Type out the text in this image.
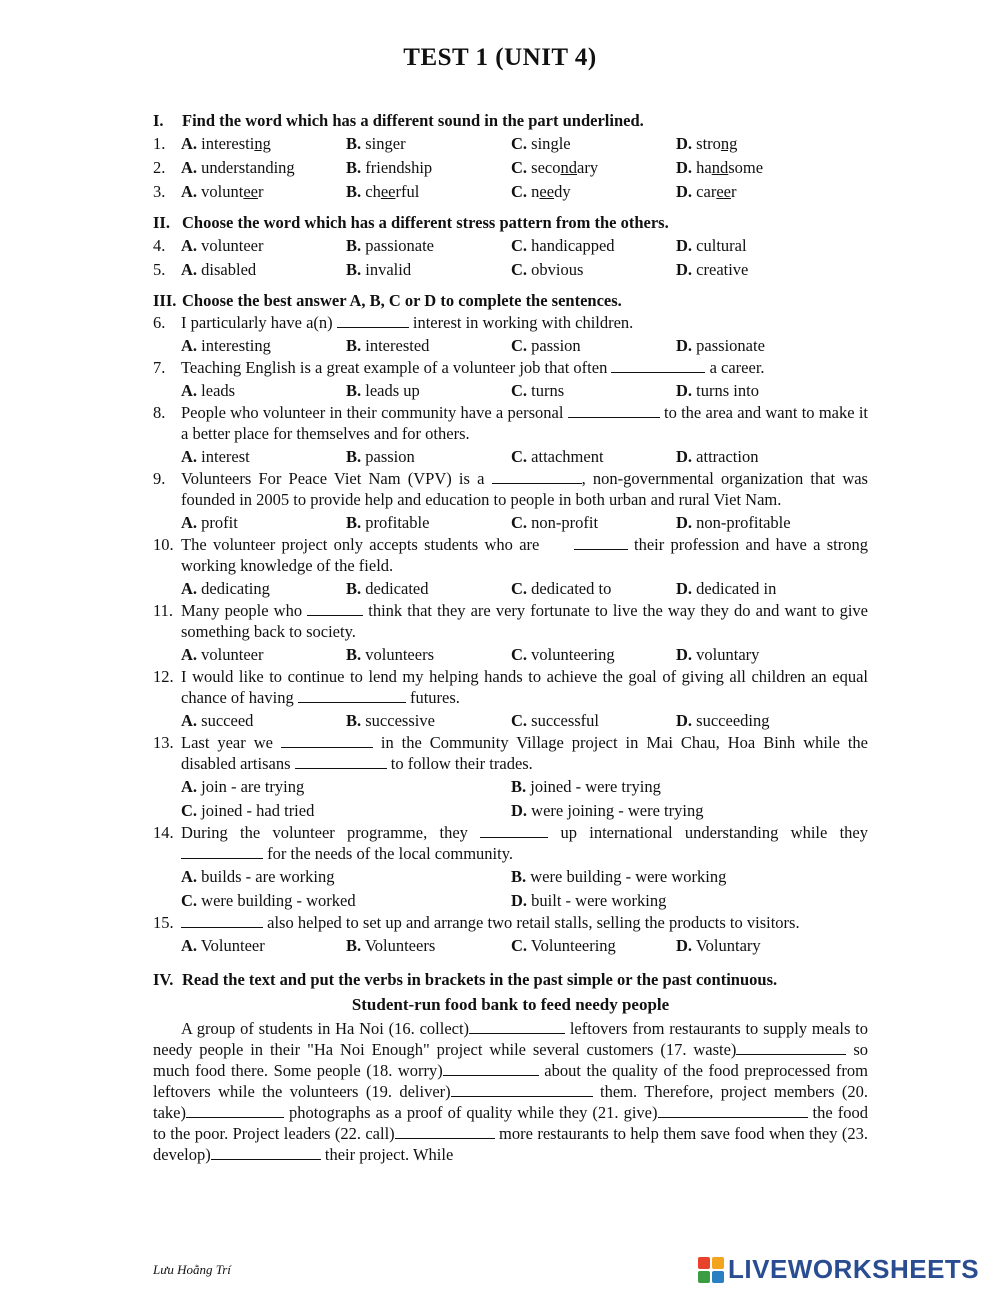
TEST 1 (UNIT 4)
I.	Find the word which has a different sound in the part underlined.
1. A. interesting	B. singer	C. single	D. strong
2. A. understanding	B. friendship	C. secondary	D. handsome
3. A. volunteer	B. cheerful	C. needy	D. career
II. Choose the word which has a different stress pattern from the others.
4. A. volunteer	B. passionate	C. handicapped	D. cultural
5. A. disabled	B. invalid	C. obvious	D. creative
III. Choose the best answer A, B, C or D to complete the sentences.
6. I particularly have a(n)	interest in working with children.
A. interesting	B. interested	C. passion	D. passionate
7. Teaching English is a great example of a volunteer job that often	a career.
A. leads	B. leads up	C. turns	D. turns into
8. People who volunteer in their community have a personal	to the area and want to make it a better place for themselves and for others.
A. interest	B. passion	C. attachment	D. attraction
9. Volunteers For Peace Viet Nam (VPV) is a	, non-governmental organization that was founded in 2005 to provide help and education to people in both urban and rural Viet Nam.
A. profit	B. profitable	C. non-profit	D. non-profitable
10. The volunteer project only accepts students who are	their profession and have a strong working knowledge of the field.
A. dedicating	B. dedicated	C. dedicated to	D. dedicated in
11. Many people who	think that they are very fortunate to live the way they do and want to give something back to society.
A. volunteer	B. volunteers	C. volunteering	D. voluntary
12. I would like to continue to lend my helping hands to achieve the goal of giving all children an equal chance of having	futures.
A. succeed	B. successive	C. successful	D. succeeding
13. Last year we	in the Community Village project in Mai Chau, Hoa Binh while the disabled artisans	to follow their trades.
A. join - are trying	B. joined - were trying
C. joined - had tried	D. were joining - were trying
14. During the volunteer programme, they	up international understanding while they  for the needs of the local community.
A. builds - are working	B. were building - were working
C. were building - worked	D. built - were working
15.	also helped to set up and arrange two retail stalls, selling the products to visitors.
A. Volunteer	B. Volunteers	C. Volunteering	D. Voluntary
IV. Read the text and put the verbs in brackets in the past simple or the past continuous.
Student-run food bank to feed needy people
A group of students in Ha Noi (16. collect)	leftovers from restaurants to supply meals to needy people in their "Ha Noi Enough" project while several customers (17. waste)	so much food there. Some people (18. worry)	about the quality of the food preprocessed from leftovers while the volunteers (19. deliver)	them. Therefore, project members (20. take)	photographs as a proof of quality while they (21. give)	the food to the poor. Project leaders (22. call)	more restaurants to help them save food when they (23. develop)	their project. While
Lưu Hoằng Trí	LIVEWORKSHEETS
